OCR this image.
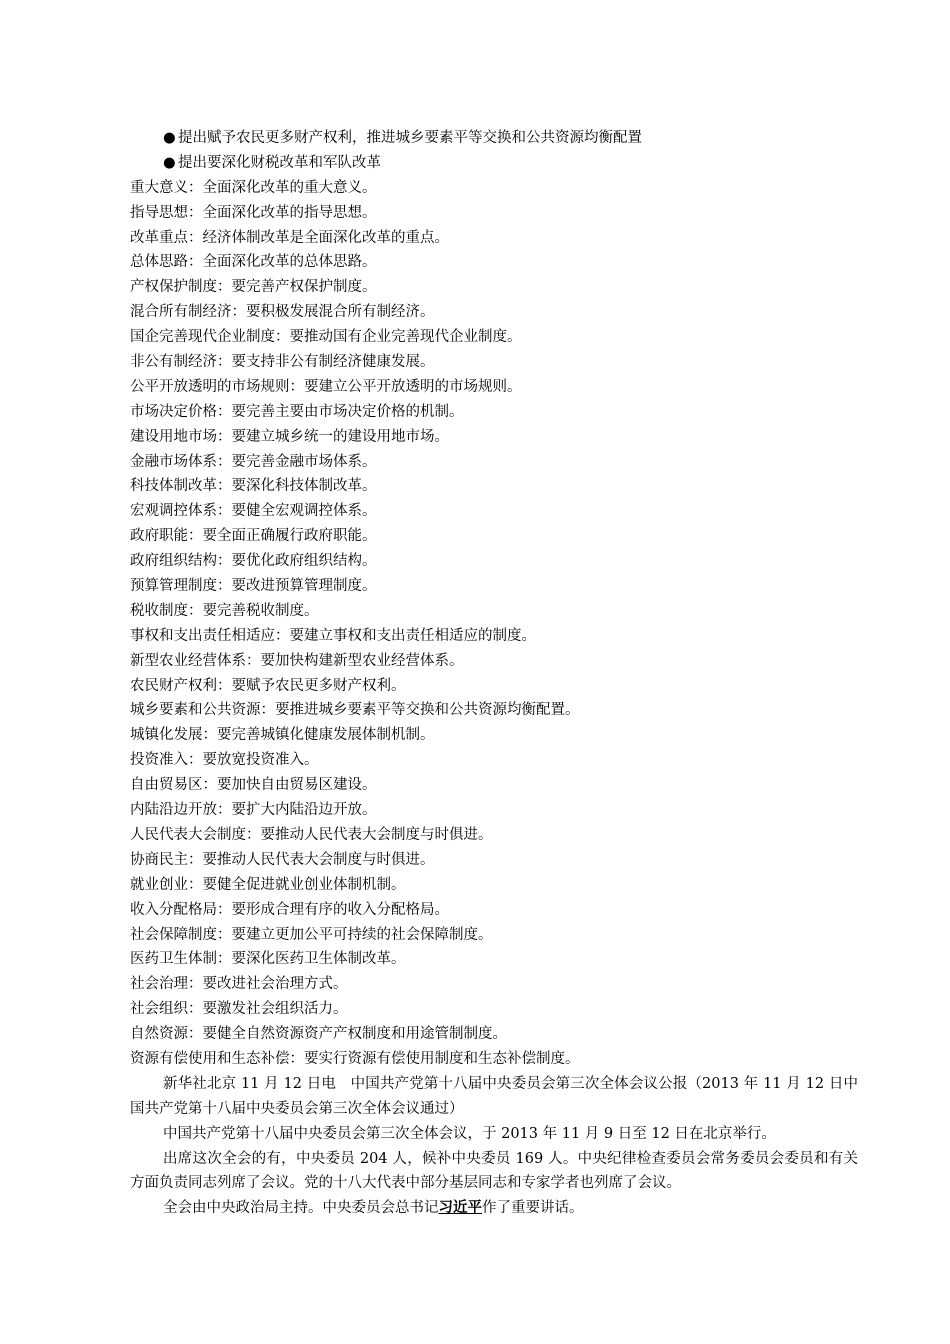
● 提出赋予农民更多财产权利，推进城乡要素平等交换和公共资源均衡配置
● 提出要深化财税改革和军队改革
重大意义：全面深化改革的重大意义。
指导思想：全面深化改革的指导思想。
改革重点：经济体制改革是全面深化改革的重点。
总体思路：全面深化改革的总体思路。
产权保护制度：要完善产权保护制度。
混合所有制经济：要积极发展混合所有制经济。
国企完善现代企业制度：要推动国有企业完善现代企业制度。
非公有制经济：要支持非公有制经济健康发展。
公平开放透明的市场规则：要建立公平开放透明的市场规则。
市场决定价格：要完善主要由市场决定价格的机制。
建设用地市场：要建立城乡统一的建设用地市场。
金融市场体系：要完善金融市场体系。
科技体制改革：要深化科技体制改革。
宏观调控体系：要健全宏观调控体系。
政府职能：要全面正确履行政府职能。
政府组织结构：要优化政府组织结构。
预算管理制度：要改进预算管理制度。
税收制度：要完善税收制度。
事权和支出责任相适应：要建立事权和支出责任相适应的制度。
新型农业经营体系：要加快构建新型农业经营体系。
农民财产权利：要赋予农民更多财产权利。
城乡要素和公共资源：要推进城乡要素平等交换和公共资源均衡配置。
城镇化发展：要完善城镇化健康发展体制机制。
投资准入：要放宽投资准入。
自由贸易区：要加快自由贸易区建设。
内陆沿边开放：要扩大内陆沿边开放。
人民代表大会制度：要推动人民代表大会制度与时俱进。
协商民主：要推动人民代表大会制度与时俱进。
就业创业：要健全促进就业创业体制机制。
收入分配格局：要形成合理有序的收入分配格局。
社会保障制度：要建立更加公平可持续的社会保障制度。
医药卫生体制：要深化医药卫生体制改革。
社会治理：要改进社会治理方式。
社会组织：要激发社会组织活力。
自然资源：要健全自然资源资产产权制度和用途管制制度。
资源有偿使用和生态补偿：要实行资源有偿使用制度和生态补偿制度。

新华社北京 11 月 12 日电　中国共产党第十八届中央委员会第三次全体会议公报（2013 年 11 月 12 日中国共产党第十八届中央委员会第三次全体会议通过）

中国共产党第十八届中央委员会第三次全体会议，于 2013 年 11 月 9 日至 12 日在北京举行。

出席这次全会的有，中央委员 204 人，候补中央委员 169 人。中央纪律检查委员会常务委员会委员和有关方面负责同志列席了会议。党的十八大代表中部分基层同志和专家学者也列席了会议。

全会由中央政治局主持。中央委员会总书记习近平作了重要讲话。
